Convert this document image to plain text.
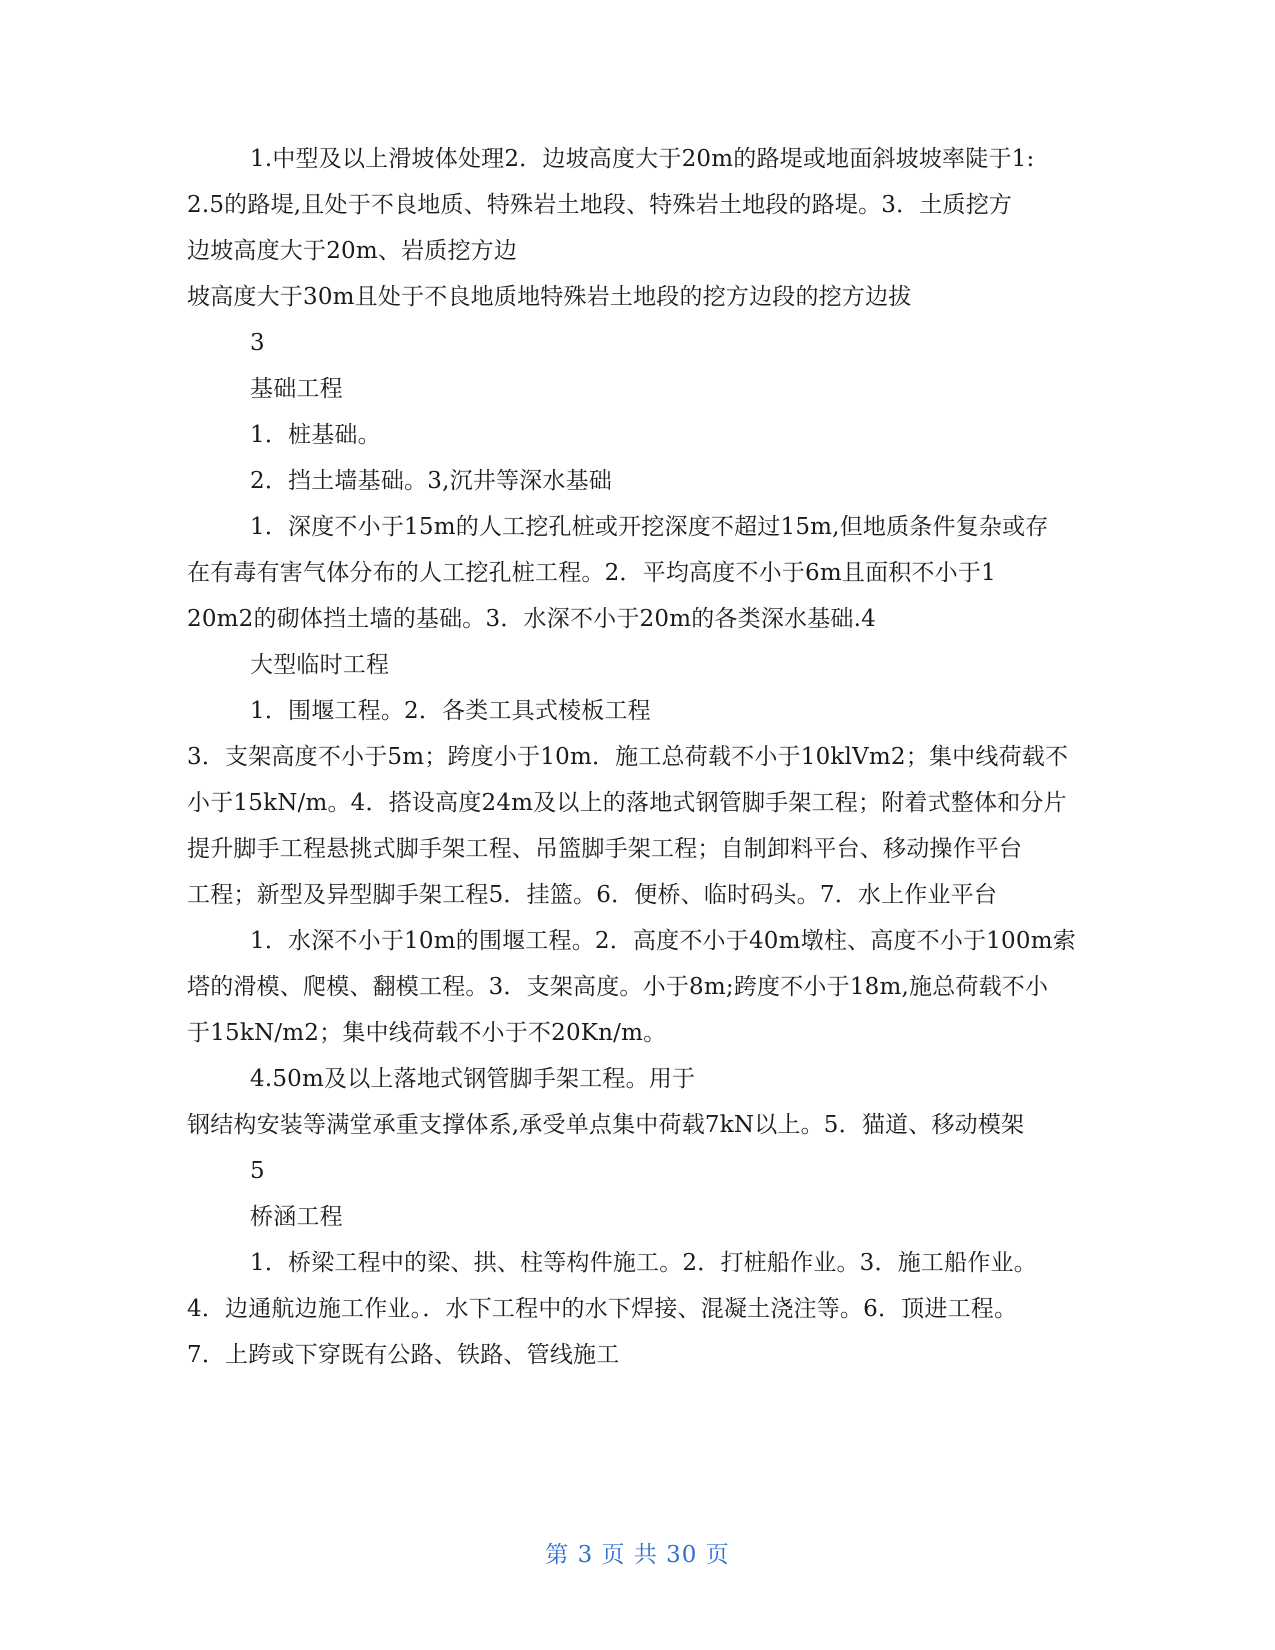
1.中型及以上滑坡体处理2．边坡高度大于20m的路堤或地面斜坡坡率陡于1:
2.5的路堤,且处于不良地质、特殊岩土地段、特殊岩土地段的路堤。3．土质挖方
边坡高度大于20m、岩质挖方边
坡高度大于30m且处于不良地质地特殊岩土地段的挖方边段的挖方边拔
3
基础工程
1．桩基础。
2．挡土墙基础。3,沉井等深水基础
1．深度不小于15m的人工挖孔桩或开挖深度不超过15m,但地质条件复杂或存
在有毒有害气体分布的人工挖孔桩工程。2．平均高度不小于6m且面积不小于1
20m2的砌体挡土墙的基础。3．水深不小于20m的各类深水基础.4
大型临时工程
1．围堰工程。2．各类工具式棱板工程
3．支架高度不小于5m；跨度小于10m．施工总荷载不小于10klVm2；集中线荷载不
小于15kN/m。4．搭设高度24m及以上的落地式钢管脚手架工程；附着式整体和分片
提升脚手工程悬挑式脚手架工程、吊篮脚手架工程；自制卸料平台、移动操作平台
工程；新型及异型脚手架工程5．挂篮。6．便桥、临时码头。7．水上作业平台
1．水深不小于10m的围堰工程。2．高度不小于40m墩柱、高度不小于100m索
塔的滑模、爬模、翻模工程。3．支架高度。小于8m;跨度不小于18m,施总荷载不小
于15kN/m2；集中线荷载不小于不20Kn/m。
4.50m及以上落地式钢管脚手架工程。用于
钢结构安装等满堂承重支撑体系,承受单点集中荷载7kN以上。5．猫道、移动模架
5
桥涵工程
1．桥梁工程中的梁、拱、柱等构件施工。2．打桩船作业。3．施工船作业。
4．边通航边施工作业。．水下工程中的水下焊接、混凝土浇注等。6．顶进工程。
7．上跨或下穿既有公路、铁路、管线施工
第 3 页 共 30 页
